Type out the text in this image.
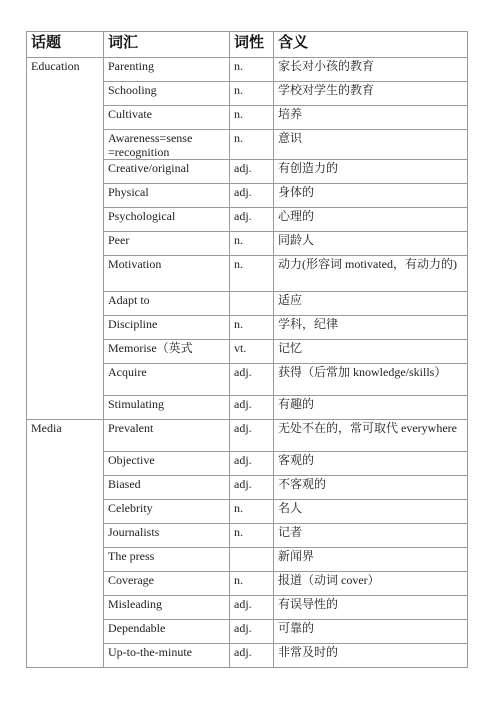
话题	词汇	词性	含义
Education	Parenting	n.	家长对小孩的教育
	Schooling	n.	学校对学生的教育
	Cultivate	n.	培养
	Awareness=sense =recognition	n.	意识
	Creative/original	adj.	有创造力的
	Physical	adj.	身体的
	Psychological	adj.	心理的
	Peer	n.	同龄人
	Motivation	n.	动力(形容词 motivated，有动力的)
	Adapt to		适应
	Discipline	n.	学科，纪律
	Memorise（英式	vt.	记忆
	Acquire	adj.	获得（后常加 knowledge/skills）
	Stimulating	adj.	有趣的
Media	Prevalent	adj.	无处不在的，常可取代 everywhere
	Objective	adj.	客观的
	Biased	adj.	不客观的
	Celebrity	n.	名人
	Journalists	n.	记者
	The press		新闻界
	Coverage	n.	报道（动词 cover）
	Misleading	adj.	有误导性的
	Dependable	adj.	可靠的
	Up-to-the-minute	adj.	非常及时的
